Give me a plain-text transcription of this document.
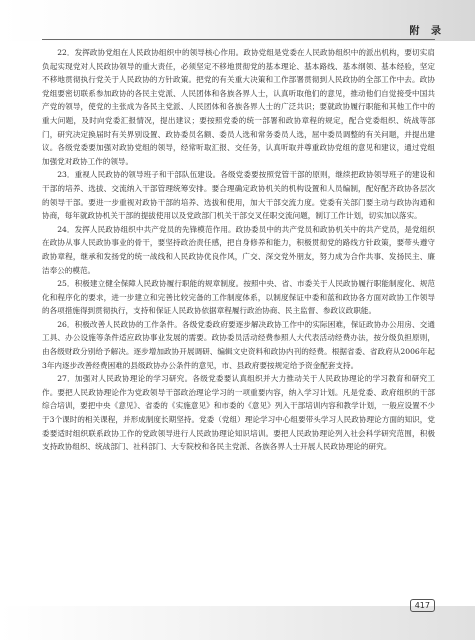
附 录

22．发挥政协党组在人民政协组织中的领导核心作用。政协党组是党委在人民政协组织中的派出机构，要切实肩负起实现党对人民政协领导的重大责任，必须坚定不移地贯彻党的基本理论、基本路线、基本纲领、基本经验，坚定不移地贯彻执行党关于人民政协的方针政策。把党的有关重大决策和工作部署贯彻到人民政协的全部工作中去。政协党组要密切联系参加政协的各民主党派、人民团体和各族各界人士，认真听取他们的意见，推动他们自觉接受中国共产党的领导，使党的主张成为各民主党派、人民团体和各族各界人士的广泛共识；要就政协履行职能和其他工作中的重大问题，及时向党委汇报情况，提出建议；要按照党委的统一部署和政协章程的规定，配合党委组织、统战等部门，研究决定换届时有关界别设置、政协委员名额、委员人选和常务委员人选，屈中委员调整的有关问题，并提出建议。各级党委要加强对政协党组的领导，经常听取汇报、交任务，认真听取并尊重政协党组的意见和建议，通过党组加强党对政协工作的领导。

23．重视人民政协的领导班子和干部队伍建设。各级党委要按照党管干部的原则，继续把政协领导班子的建设和干部的培养、选拔、交流纳入干部管理统筹安排。要合理确定政协机关的机构设置和人员编制，配好配齐政协各层次的领导干部。要进一步重视对政协干部的培养、选拔和使用，加大干部交流力度。党委有关部门要主动与政协沟通和协商，每年就政协机关干部的提拔使用以及党政部门机关干部交叉任职交流问题，制订工作计划，切实加以落实。

24．发挥人民政协组织中共产党员的先锋模范作用。政协委员中的共产党员和政协机关中的共产党员，是党组织在政协从事人民政协事业的骨干，要坚持政治责任感，把自身修养和能力，积极贯彻党的路线方针政策，要带头遵守政协章程，继承和发扬党的统一战线和人民政协优良作风，广交、深交党外朋友，努力成为合作共事、发扬民主、廉洁奉公的模范。

25．积极建立健全保障人民政协履行职能的规章制度。按照中央、省、市委关于人民政协履行职能制度化、规范化和程序化的要求，进一步建立和完善比较完备的工作制度体系，以制度保证中委和蓝和政协各方面对政协工作领导的各项措施得到贯彻执行，支持和保证人民政协依据章程履行政治协商、民主监督、参政议政职能。

26．积极改善人民政协的工作条件。各级党委政府要逐步解决政协工作中的实际困难，保证政协办公用房、交通工具、办公设施等条件适应政协事业发展的需要。政协委员活动经费参照人大代表活动经费办法，按分级负担原则，由各级财政分别给予解决。逐步增加政协开展调研、编辑文史资料和政协内刊的经费。根据省委、省政府从2006年起3年内逐步改善经费困难的县级政协办公条件的意见，市、县政府要按规定给予资金配套支持。

27．加强对人民政协理论的学习研究。各级党委要认真组织并大力推动关于人民政协理论的学习教育和研究工作。要把人民政协理论作为党政领导干部政治理论学习的一项重要内容，纳入学习计划。凡是党委、政府组织的干部综合培训，要把中央《意见》、省委的《实施意见》和市委的《意见》列入干部培训内容和教学计划，一般应设置不少于3个课时的相关课程，并形成制度长期坚持。党委（党组）理论学习中心组要带头学习人民政协理论方面的知识，党委要适时组织联系政协工作的党政领导进行人民政协理论知识培训。要把人民政协理论列入社会科学研究范围，积极支持政协组织、统战部门、社科部门、大专院校和各民主党派、各族各界人士开展人民政协理论的研究。

417
